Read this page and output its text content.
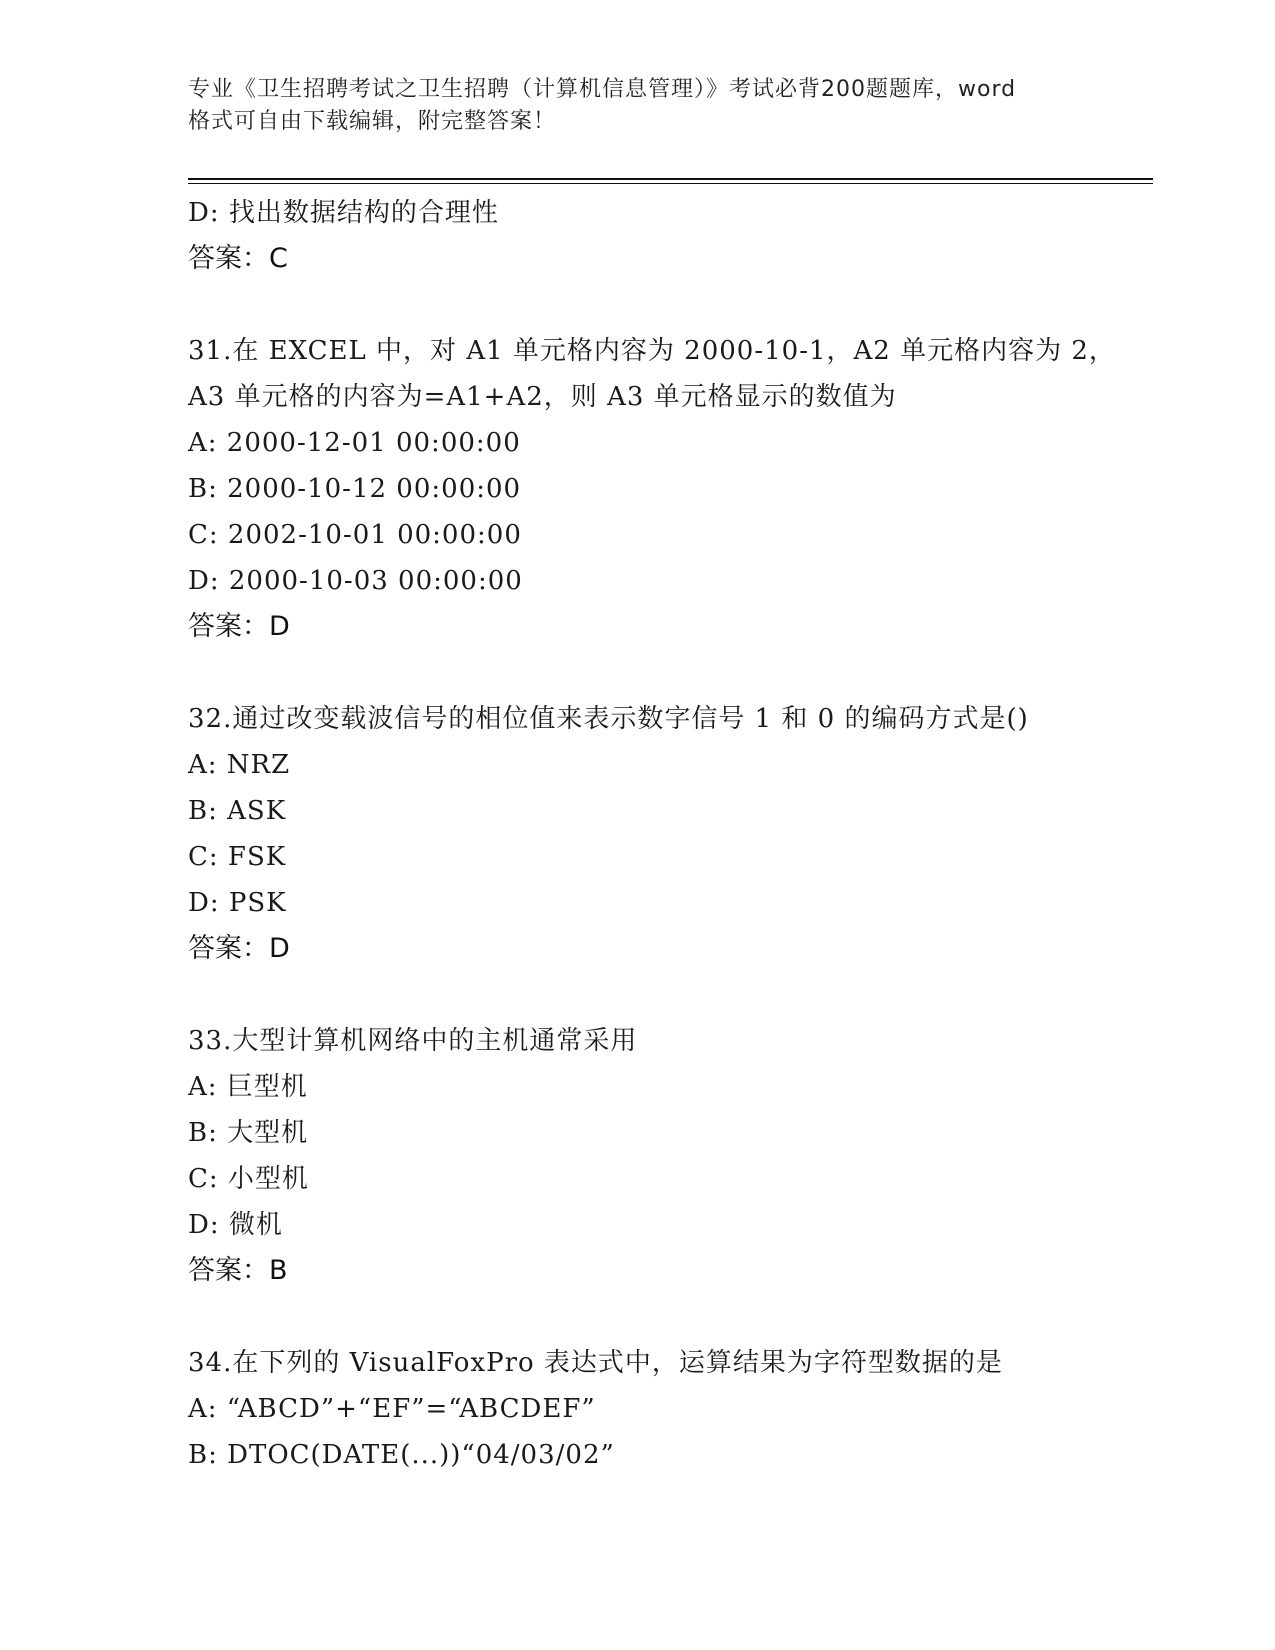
专业《卫生招聘考试之卫生招聘（计算机信息管理）》考试必背200题题库，word
格式可自由下载编辑，附完整答案！
D: 找出数据结构的合理性
答案：C
31.在 EXCEL 中，对 A1 单元格内容为 2000-10-1，A2 单元格内容为 2，
A3 单元格的内容为=A1+A2，则 A3 单元格显示的数值为
A: 2000-12-01 00:00:00
B: 2000-10-12 00:00:00
C: 2002-10-01 00:00:00
D: 2000-10-03 00:00:00
答案：D
32.通过改变载波信号的相位值来表示数字信号 1 和 0 的编码方式是()
A: NRZ
B: ASK
C: FSK
D: PSK
答案：D
33.大型计算机网络中的主机通常采用
A: 巨型机
B: 大型机
C: 小型机
D: 微机
答案：B
34.在下列的 VisualFoxPro 表达式中，运算结果为字符型数据的是
A: “ABCD”+“EF”=“ABCDEF”
B: DTOC(DATE(...))“04/03/02”
